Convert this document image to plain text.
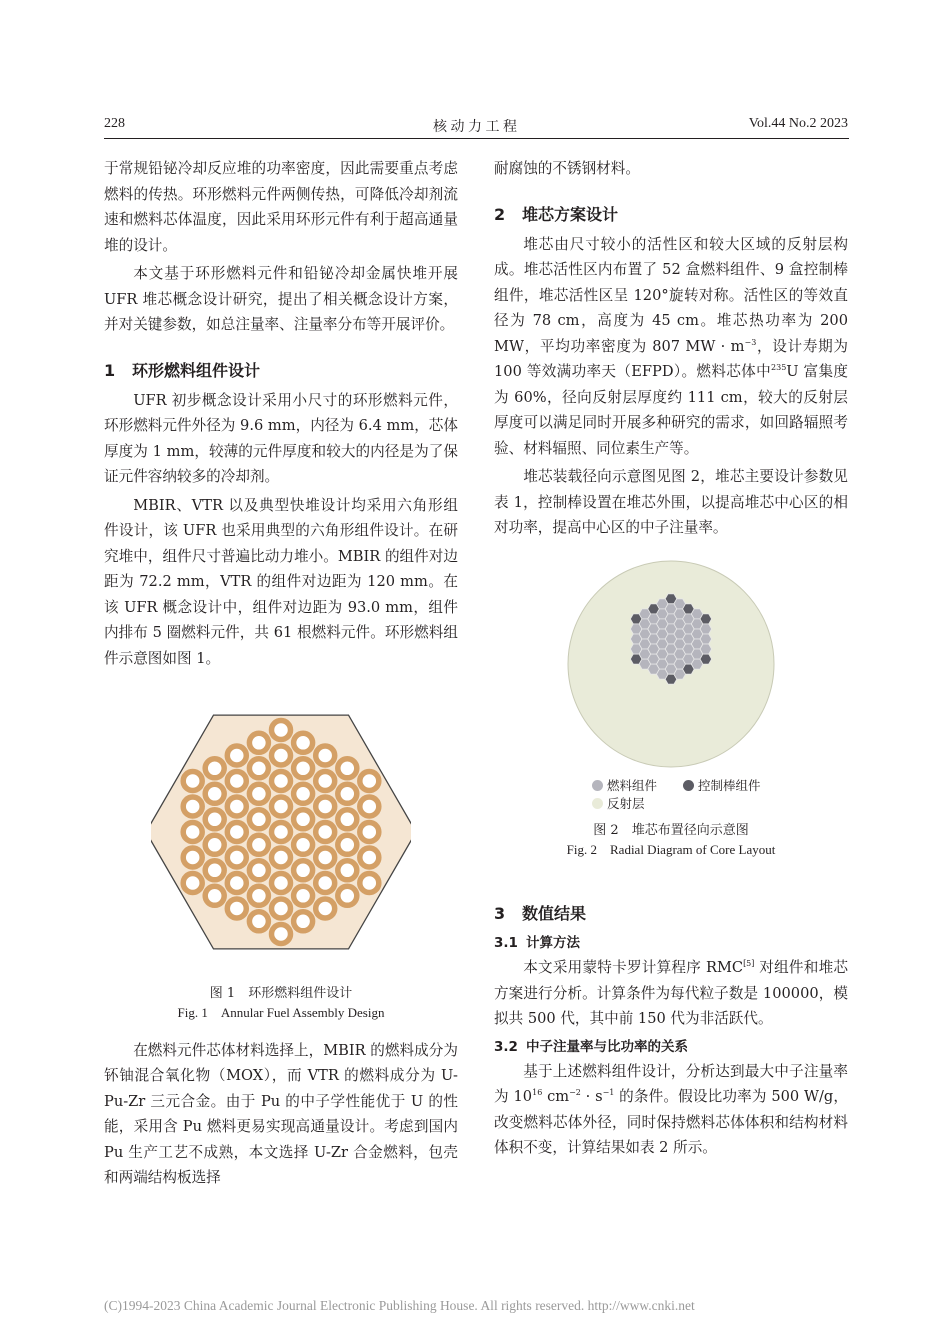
228	核 动 力 工 程	Vol.44 No.2 2023

于常规铅铋冷却反应堆的功率密度，因此需要重点考虑燃料的传热。环形燃料元件两侧传热，可降低冷却剂流速和燃料芯体温度，因此采用环形元件有利于超高通量堆的设计。

本文基于环形燃料元件和铅铋冷却金属快堆开展 UFR 堆芯概念设计研究，提出了相关概念设计方案，并对关键参数，如总注量率、注量率分布等开展评价。

1 环形燃料组件设计

UFR 初步概念设计采用小尺寸的环形燃料元件，环形燃料元件外径为 9.6 mm，内径为 6.4 mm，芯体厚度为 1 mm，较薄的元件厚度和较大的内径是为了保证元件容纳较多的冷却剂。

MBIR、VTR 以及典型快堆设计均采用六角形组件设计，该 UFR 也采用典型的六角形组件设计。在研究堆中，组件尺寸普遍比动力堆小。MBIR 的组件对边距为 72.2 mm，VTR 的组件对边距为 120 mm。在该 UFR 概念设计中，组件对边距为 93.0 mm，组件内排布 5 圈燃料元件，共 61 根燃料元件。环形燃料组件示意图如图 1。

图 1　环形燃料组件设计
Fig. 1　Annular Fuel Assembly Design

在燃料元件芯体材料选择上，MBIR 的燃料成分为钚铀混合氧化物（MOX），而 VTR 的燃料成分为 U-Pu-Zr 三元合金。由于 Pu 的中子学性能优于 U 的性能，采用含 Pu 燃料更易实现高通量设计。考虑到国内 Pu 生产工艺不成熟，本文选择 U-Zr 合金燃料，包壳和两端结构板选择

耐腐蚀的不锈钢材料。

2 堆芯方案设计

堆芯由尺寸较小的活性区和较大区域的反射层构成。堆芯活性区内布置了 52 盒燃料组件、9 盒控制棒组件，堆芯活性区呈 120°旋转对称。活性区的等效直径为 78 cm，高度为 45 cm。堆芯热功率为 200 MW，平均功率密度为 807 MW · $m^{-3}$，设计寿期为 100 等效满功率天（EFPD）。燃料芯体中$^{235}$U 富集度为 60%，径向反射层厚度约 111 cm，较大的反射层厚度可以满足同时开展多种研究的需求，如回路辐照考验、材料辐照、同位素生产等。

堆芯装载径向示意图见图 2，堆芯主要设计参数见表 1，控制棒设置在堆芯外围，以提高堆芯中心区的相对功率，提高中心区的中子注量率。

燃料组件	控制棒组件
反射层
图 2　堆芯布置径向示意图
Fig. 2　Radial Diagram of Core Layout
3 数值结果
3.1 计算方法

本文采用蒙特卡罗计算程序 RMC[5] 对组件和堆芯方案进行分析。计算条件为每代粒子数是 100000，模拟共 500 代，其中前 150 代为非活跃代。

3.2 中子注量率与比功率的关系

基于上述燃料组件设计，分析达到最大中子注量率为 $10^{16}$ $cm^{-2} \cdot s^{-1}$ 的条件。假设比功率为 500 W/g，改变燃料芯体外径，同时保持燃料芯体体积和结构材料体积不变，计算结果如表 2 所示。

(C)1994-2023 China Academic Journal Electronic Publishing House. All rights reserved. http://www.cnki.net
